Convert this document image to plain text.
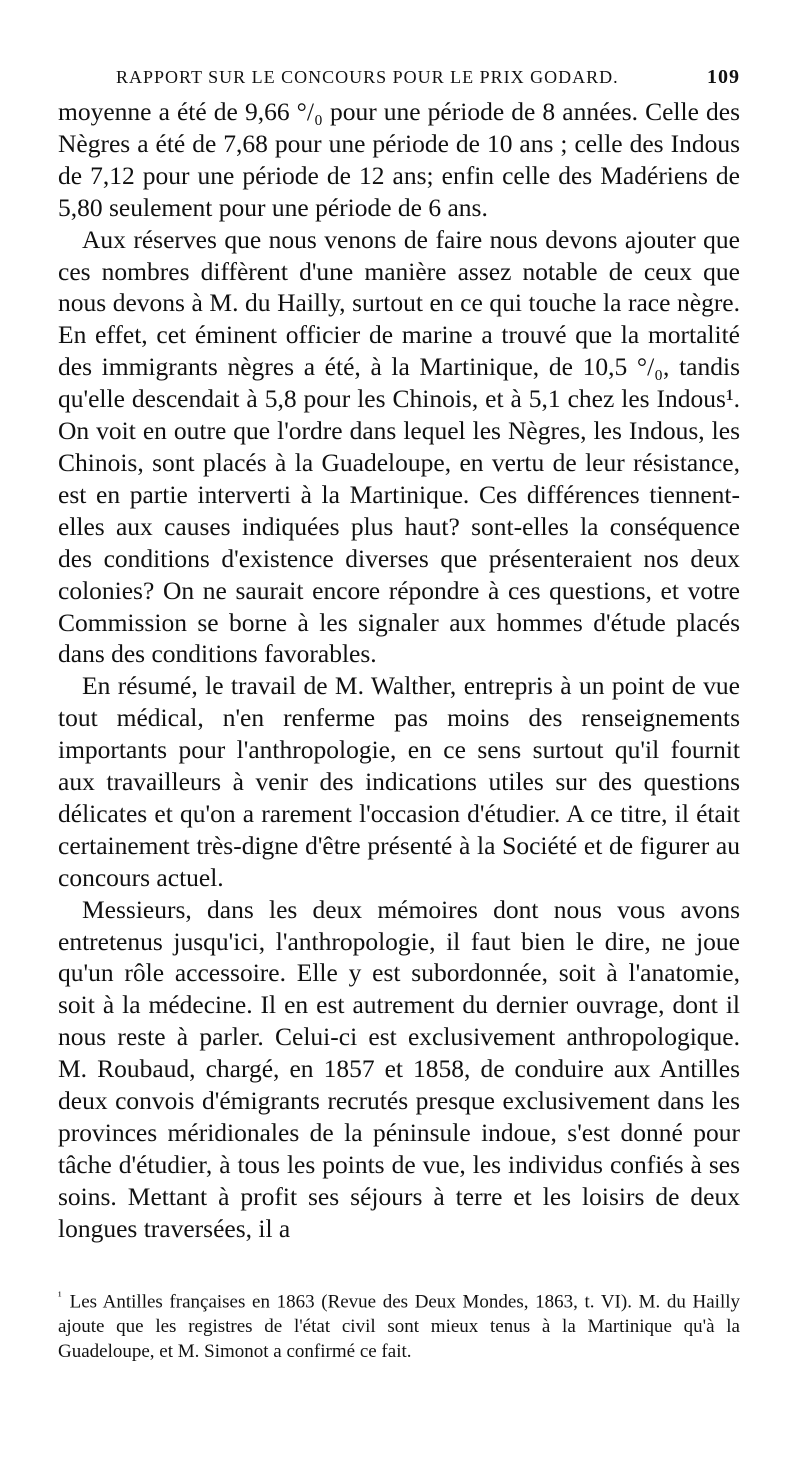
RAPPORT SUR LE CONCOURS POUR LE PRIX GODARD.	109

moyenne a été de 9,66 °/₀ pour une période de 8 années. Celle des Nègres a été de 7,68 pour une période de 10 ans ; celle des Indous de 7,12 pour une période de 12 ans; enfin celle des Madériens de 5,80 seulement pour une période de 6 ans.

Aux réserves que nous venons de faire nous devons ajouter que ces nombres diffèrent d'une manière assez notable de ceux que nous devons à M. du Hailly, surtout en ce qui touche la race nègre. En effet, cet éminent officier de marine a trouvé que la mortalité des immigrants nègres a été, à la Martinique, de 10,5 °/₀, tandis qu'elle descendait à 5,8 pour les Chinois, et à 5,1 chez les Indous¹. On voit en outre que l'ordre dans lequel les Nègres, les Indous, les Chinois, sont placés à la Guadeloupe, en vertu de leur résistance, est en partie interverti à la Martinique. Ces différences tiennent-elles aux causes indiquées plus haut? sont-elles la conséquence des conditions d'existence diverses que présenteraient nos deux colonies? On ne saurait encore répondre à ces questions, et votre Commission se borne à les signaler aux hommes d'étude placés dans des conditions favorables.

En résumé, le travail de M. Walther, entrepris à un point de vue tout médical, n'en renferme pas moins des renseignements importants pour l'anthropologie, en ce sens surtout qu'il fournit aux travailleurs à venir des indications utiles sur des questions délicates et qu'on a rarement l'occasion d'étudier. A ce titre, il était certainement très-digne d'être présenté à la Société et de figurer au concours actuel.

Messieurs, dans les deux mémoires dont nous vous avons entretenus jusqu'ici, l'anthropologie, il faut bien le dire, ne joue qu'un rôle accessoire. Elle y est subordonnée, soit à l'anatomie, soit à la médecine. Il en est autrement du dernier ouvrage, dont il nous reste à parler. Celui-ci est exclusivement anthropologique. M. Roubaud, chargé, en 1857 et 1858, de conduire aux Antilles deux convois d'émigrants recrutés presque exclusivement dans les provinces méridionales de la péninsule indoue, s'est donné pour tâche d'étudier, à tous les points de vue, les individus confiés à ses soins. Mettant à profit ses séjours à terre et les loisirs de deux longues traversées, il a

$^{^1}$ Les Antilles françaises en 1863 (Revue des Deux Mondes, 1863, t. VI). M. du Hailly ajoute que les registres de l'état civil sont mieux tenus à la Martinique qu'à la Guadeloupe, et M. Simonot a confirmé ce fait.
